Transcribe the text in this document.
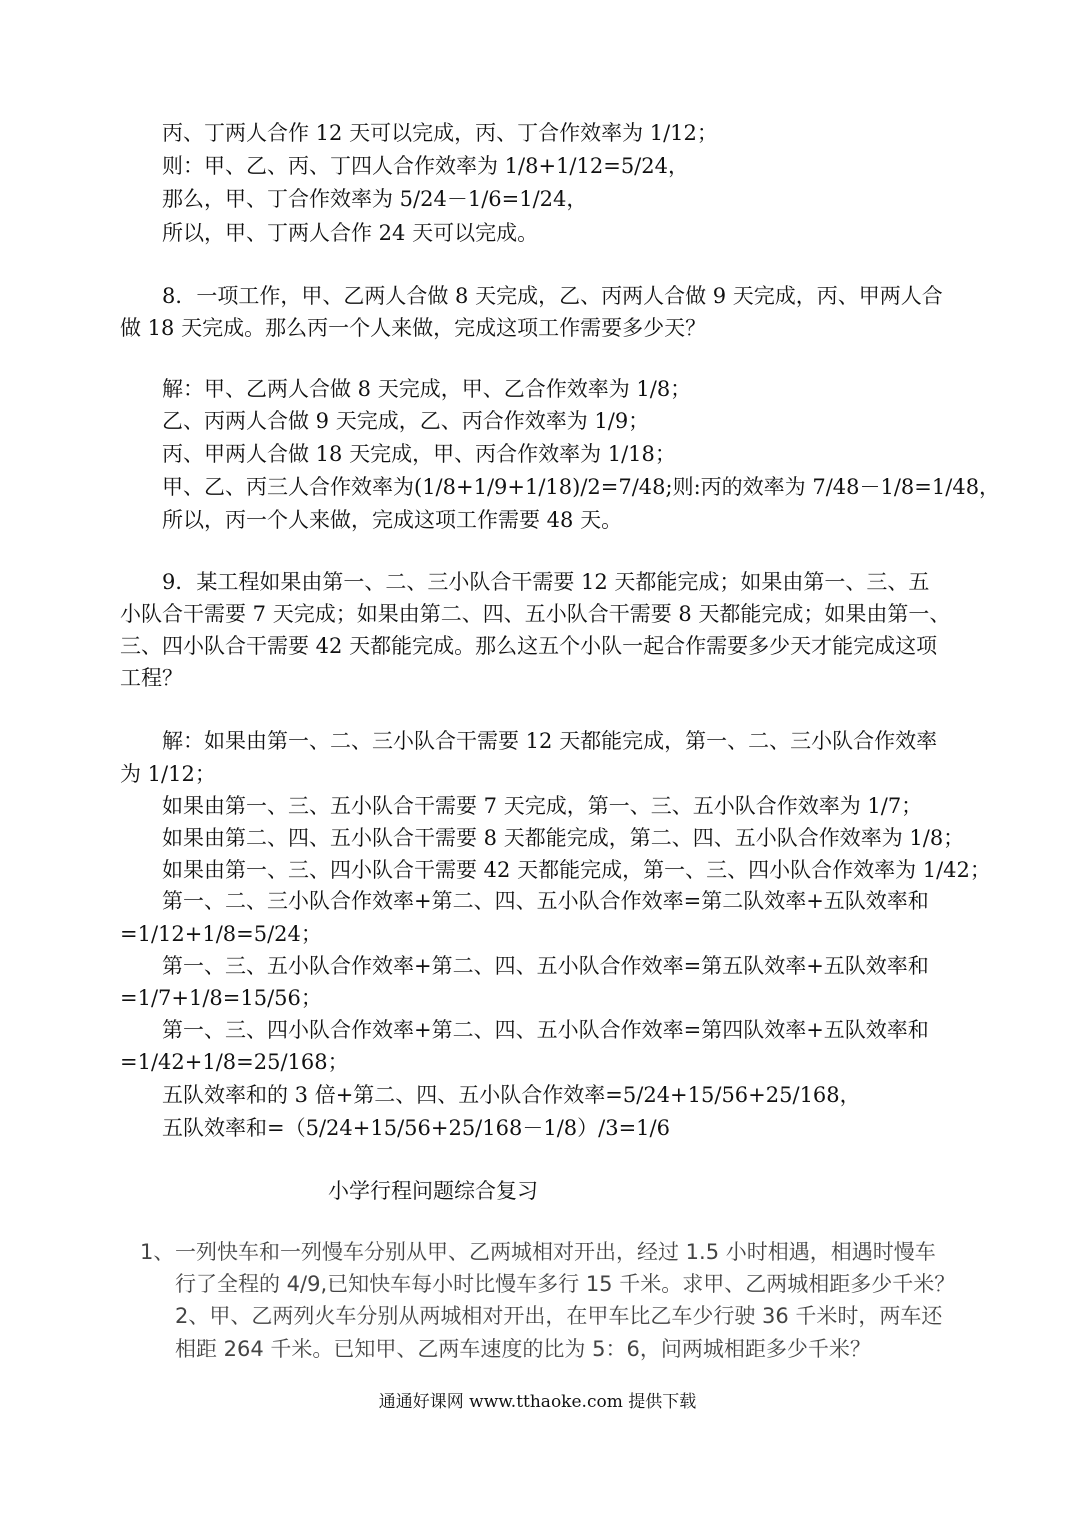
丙、丁两人合作 12 天可以完成，丙、丁合作效率为 1/12；

则：甲、乙、丙、丁四人合作效率为 1/8+1/12=5/24，

那么，甲、丁合作效率为 5/24－1/6=1/24，

所以，甲、丁两人合作 24 天可以完成。

8．一项工作，甲、乙两人合做 8 天完成，乙、丙两人合做 9 天完成，丙、甲两人合

做 18 天完成。那么丙一个人来做，完成这项工作需要多少天？

解：甲、乙两人合做 8 天完成，甲、乙合作效率为 1/8；

乙、丙两人合做 9 天完成，乙、丙合作效率为 1/9；

丙、甲两人合做 18 天完成，甲、丙合作效率为 1/18；

甲、乙、丙三人合作效率为(1/8+1/9+1/18)/2=7/48;则:丙的效率为 7/48－1/8=1/48，

所以，丙一个人来做，完成这项工作需要 48 天。

9．某工程如果由第一、二、三小队合干需要 12 天都能完成；如果由第一、三、五

小队合干需要 7 天完成；如果由第二、四、五小队合干需要 8 天都能完成；如果由第一、

三、四小队合干需要 42 天都能完成。那么这五个小队一起合作需要多少天才能完成这项

工程？

解：如果由第一、二、三小队合干需要 12 天都能完成，第一、二、三小队合作效率

为 1/12；

如果由第一、三、五小队合干需要 7 天完成，第一、三、五小队合作效率为 1/7；

如果由第二、四、五小队合干需要 8 天都能完成，第二、四、五小队合作效率为 1/8；

如果由第一、三、四小队合干需要 42 天都能完成，第一、三、四小队合作效率为 1/42；

第一、二、三小队合作效率+第二、四、五小队合作效率=第二队效率+五队效率和

=1/12+1/8=5/24；

第一、三、五小队合作效率+第二、四、五小队合作效率=第五队效率+五队效率和

=1/7+1/8=15/56；

第一、三、四小队合作效率+第二、四、五小队合作效率=第四队效率+五队效率和

=1/42+1/8=25/168；

五队效率和的 3 倍+第二、四、五小队合作效率=5/24+15/56+25/168，

五队效率和=（5/24+15/56+25/168－1/8）/3=1/6

小学行程问题综合复习

1、 一列快车和一列慢车分别从甲、乙两城相对开出，经过 1.5 小时相遇，相遇时慢车

行了全程的 4/9,已知快车每小时比慢车多行 15 千米。求甲、乙两城相距多少千米？

2、甲、乙两列火车分别从两城相对开出，在甲车比乙车少行驶 36 千米时，两车还

相距 264 千米。已知甲、乙两车速度的比为 5：6，问两城相距多少千米？

通通好课网 www.tthaoke.com 提供下载
